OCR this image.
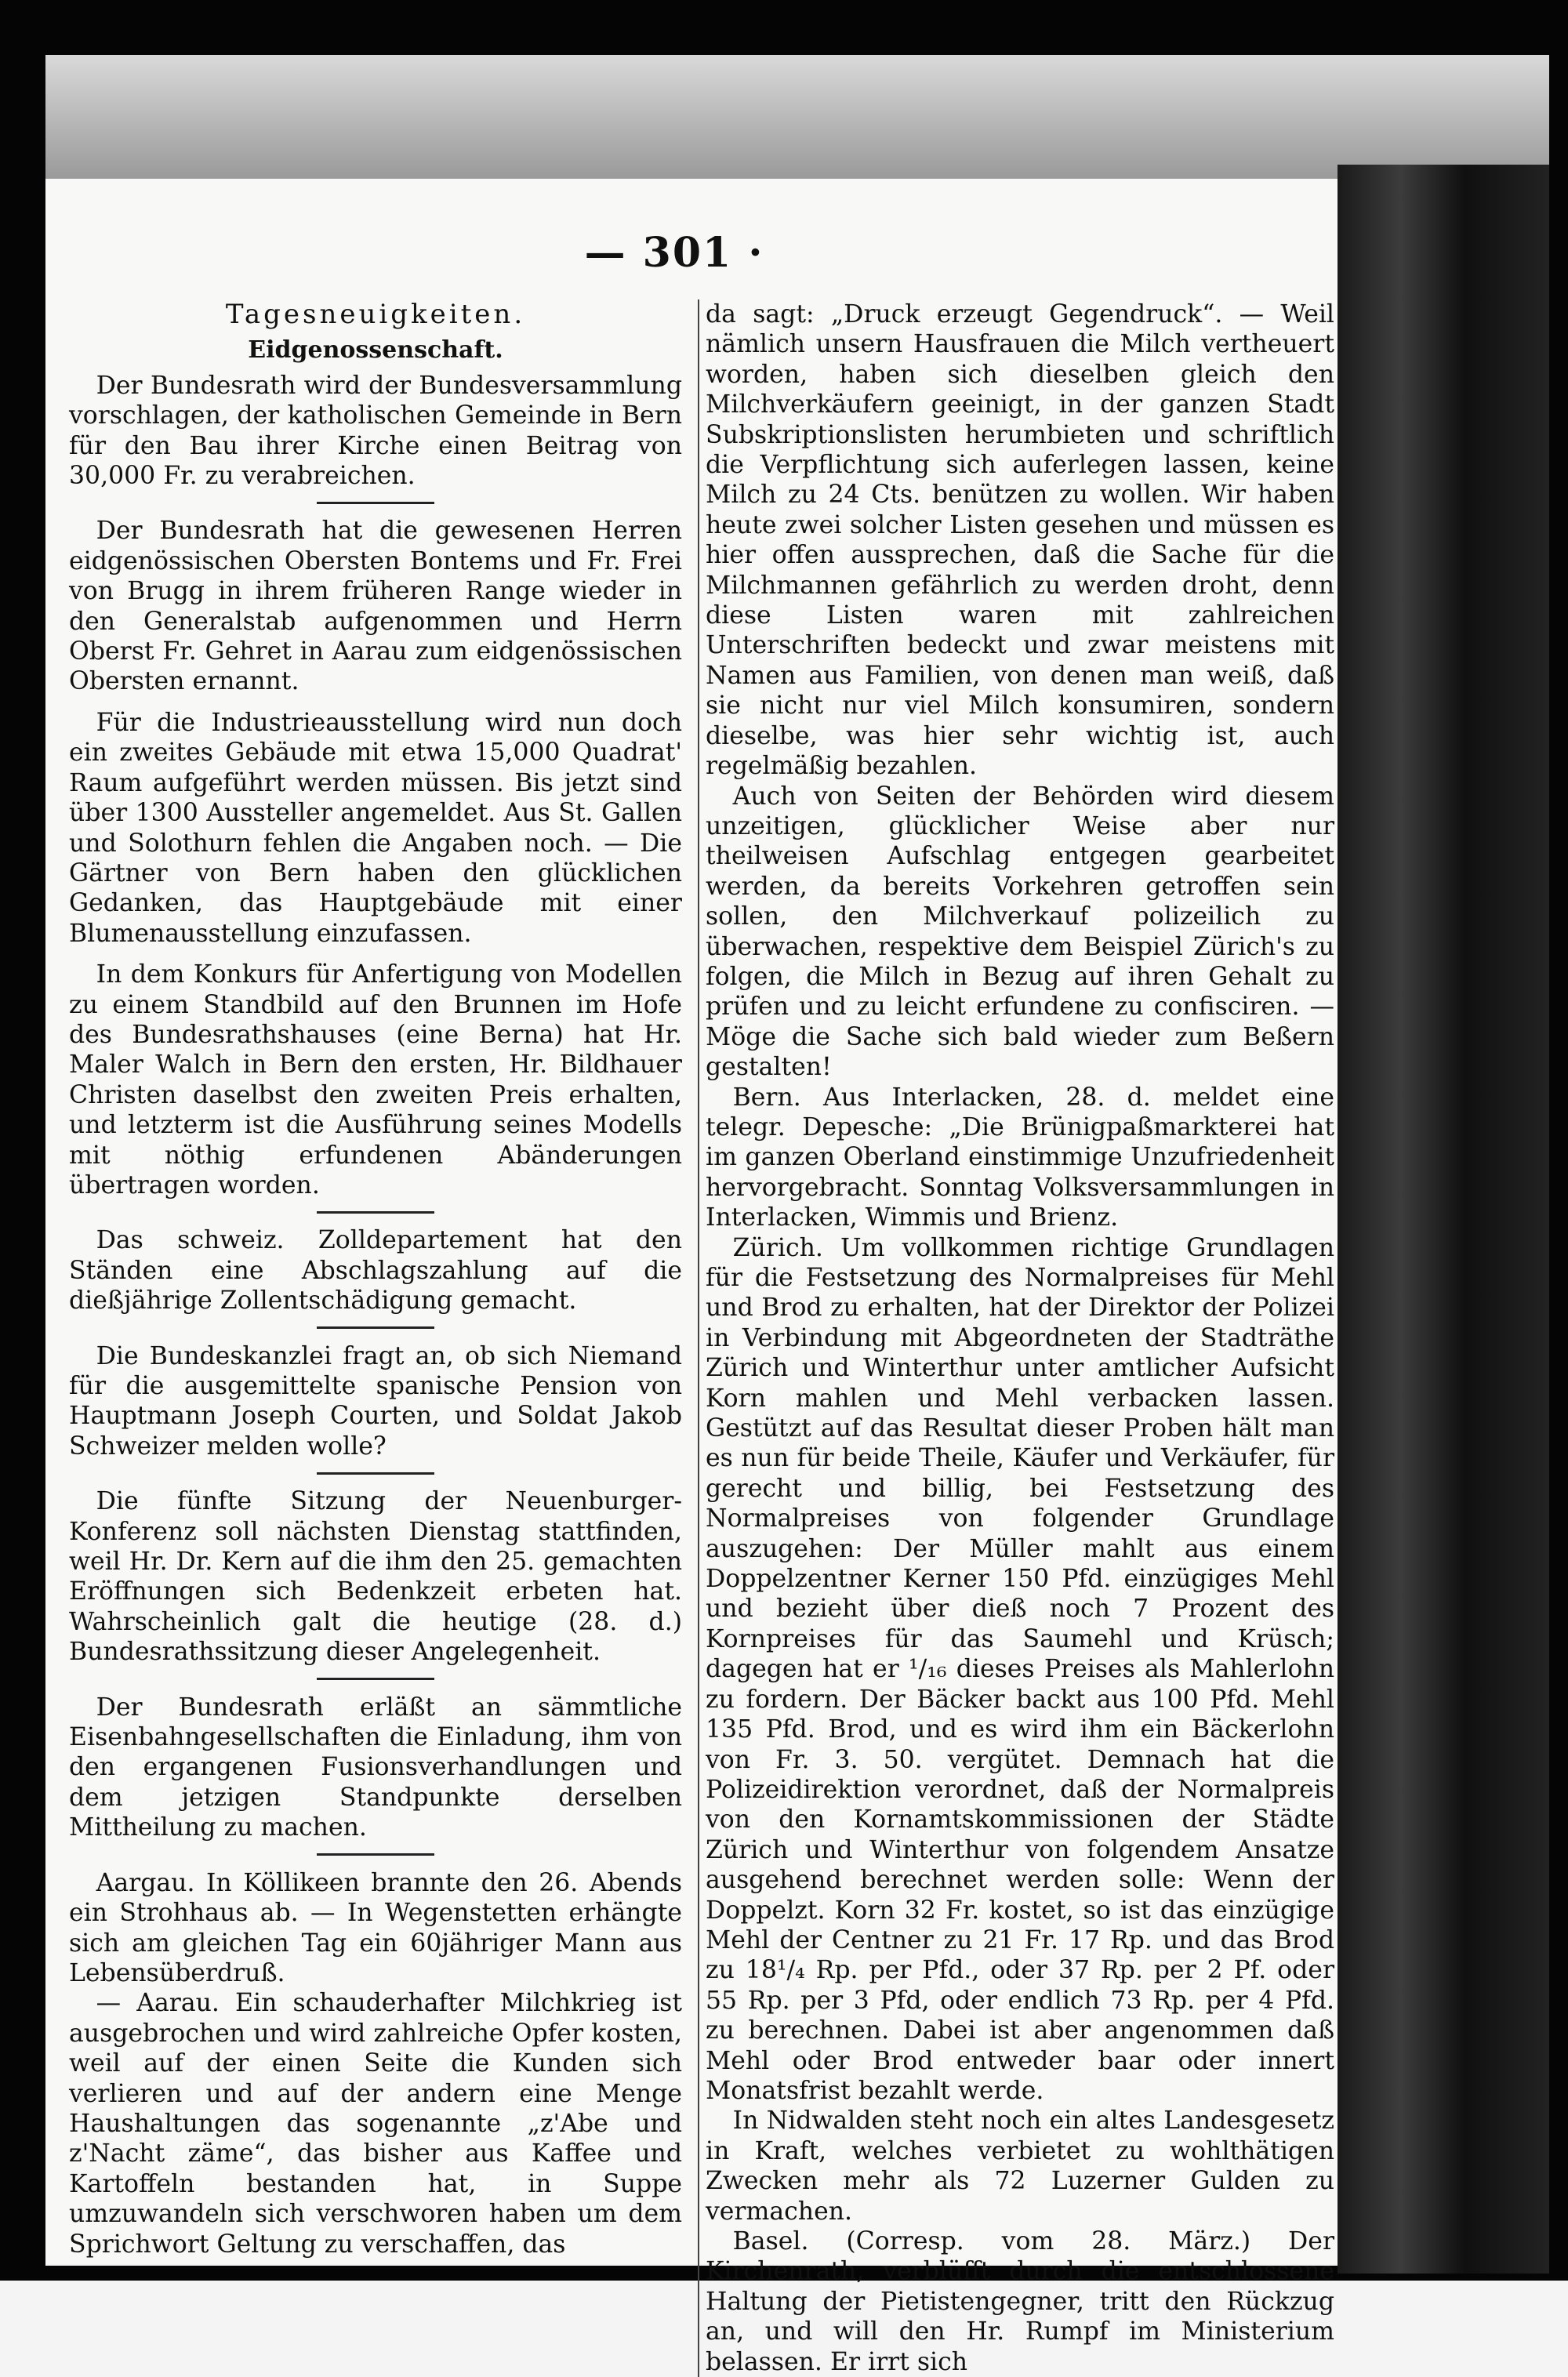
— 301 ·
Tagesneuigkeiten.
Eidgenossenschaft.

Der Bundesrath wird der Bundesversammlung vorschlagen, der katholischen Gemeinde in Bern für den Bau ihrer Kirche einen Beitrag von 30,000 Fr. zu verabreichen.

Der Bundesrath hat die gewesenen Herren eidgenössischen Obersten Bontems und Fr. Frei von Brugg in ihrem früheren Range wieder in den Generalstab aufgenommen und Herrn Oberst Fr. Gehret in Aarau zum eidgenössischen Obersten ernannt.

Für die Industrieausstellung wird nun doch ein zweites Gebäude mit etwa 15,000 Quadrat' Raum aufgeführt werden müssen. Bis jetzt sind über 1300 Aussteller angemeldet. Aus St. Gallen und Solothurn fehlen die Angaben noch. — Die Gärtner von Bern haben den glücklichen Gedanken, das Hauptgebäude mit einer Blumenausstellung einzufassen.

In dem Konkurs für Anfertigung von Modellen zu einem Standbild auf den Brunnen im Hofe des Bundesrathshauses (eine Berna) hat Hr. Maler Walch in Bern den ersten, Hr. Bildhauer Christen daselbst den zweiten Preis erhalten, und letzterm ist die Ausführung seines Modells mit nöthig erfundenen Abänderungen übertragen worden.

Das schweiz. Zolldepartement hat den Ständen eine Abschlagszahlung auf die dießjährige Zollentschädigung gemacht.

Die Bundeskanzlei fragt an, ob sich Niemand für die ausgemittelte spanische Pension von Hauptmann Joseph Courten, und Soldat Jakob Schweizer melden wolle?

Die fünfte Sitzung der Neuenburger-Konferenz soll nächsten Dienstag stattfinden, weil Hr. Dr. Kern auf die ihm den 25. gemachten Eröffnungen sich Bedenkzeit erbeten hat. Wahrscheinlich galt die heutige (28. d.) Bundesrathssitzung dieser Angelegenheit.

Der Bundesrath erläßt an sämmtliche Eisenbahngesellschaften die Einladung, ihm von den ergangenen Fusionsverhandlungen und dem jetzigen Standpunkte derselben Mittheilung zu machen.

Aargau. In Köllikeen brannte den 26. Abends ein Strohhaus ab. — In Wegenstetten erhängte sich am gleichen Tag ein 60jähriger Mann aus Lebensüberdruß.

— Aarau. Ein schauderhafter Milchkrieg ist ausgebrochen und wird zahlreiche Opfer kosten, weil auf der einen Seite die Kunden sich verlieren und auf der andern eine Menge Haushaltungen das sogenannte „z'Abe und z'Nacht zäme“, das bisher aus Kaffee und Kartoffeln bestanden hat, in Suppe umzuwandeln sich verschworen haben um dem Sprichwort Geltung zu verschaffen, das

da sagt: „Druck erzeugt Gegendruck“. — Weil nämlich unsern Hausfrauen die Milch vertheuert worden, haben sich dieselben gleich den Milchverkäufern geeinigt, in der ganzen Stadt Subskriptionslisten herumbieten und schriftlich die Verpflichtung sich auferlegen lassen, keine Milch zu 24 Cts. benützen zu wollen. Wir haben heute zwei solcher Listen gesehen und müssen es hier offen aussprechen, daß die Sache für die Milchmannen gefährlich zu werden droht, denn diese Listen waren mit zahlreichen Unterschriften bedeckt und zwar meistens mit Namen aus Familien, von denen man weiß, daß sie nicht nur viel Milch konsumiren, sondern dieselbe, was hier sehr wichtig ist, auch regelmäßig bezahlen.

Auch von Seiten der Behörden wird diesem unzeitigen, glücklicher Weise aber nur theilweisen Aufschlag entgegen gearbeitet werden, da bereits Vorkehren getroffen sein sollen, den Milchverkauf polizeilich zu überwachen, respektive dem Beispiel Zürich's zu folgen, die Milch in Bezug auf ihren Gehalt zu prüfen und zu leicht erfundene zu confisciren. — Möge die Sache sich bald wieder zum Beßern gestalten!

Bern. Aus Interlacken, 28. d. meldet eine telegr. Depesche: „Die Brünigpaßmarkterei hat im ganzen Oberland einstimmige Unzufriedenheit hervorgebracht. Sonntag Volksversammlungen in Interlacken, Wimmis und Brienz.

Zürich. Um vollkommen richtige Grundlagen für die Festsetzung des Normalpreises für Mehl und Brod zu erhalten, hat der Direktor der Polizei in Verbindung mit Abgeordneten der Stadträthe Zürich und Winterthur unter amtlicher Aufsicht Korn mahlen und Mehl verbacken lassen. Gestützt auf das Resultat dieser Proben hält man es nun für beide Theile, Käufer und Verkäufer, für gerecht und billig, bei Festsetzung des Normalpreises von folgender Grundlage auszugehen: Der Müller mahlt aus einem Doppelzentner Kerner 150 Pfd. einzügiges Mehl und bezieht über dieß noch 7 Prozent des Kornpreises für das Saumehl und Krüsch; dagegen hat er ¹/₁₆ dieses Preises als Mahlerlohn zu fordern. Der Bäcker backt aus 100 Pfd. Mehl 135 Pfd. Brod, und es wird ihm ein Bäckerlohn von Fr. 3. 50. vergütet. Demnach hat die Polizeidirektion verordnet, daß der Normalpreis von den Kornamtskommissionen der Städte Zürich und Winterthur von folgendem Ansatze ausgehend berechnet werden solle: Wenn der Doppelzt. Korn 32 Fr. kostet, so ist das einzügige Mehl der Centner zu 21 Fr. 17 Rp. und das Brod zu 18¹/₄ Rp. per Pfd., oder 37 Rp. per 2 Pf. oder 55 Rp. per 3 Pfd, oder endlich 73 Rp. per 4 Pfd. zu berechnen. Dabei ist aber angenommen daß Mehl oder Brod entweder baar oder innert Monatsfrist bezahlt werde.

In Nidwalden steht noch ein altes Landesgesetz in Kraft, welches verbietet zu wohlthätigen Zwecken mehr als 72 Luzerner Gulden zu vermachen.

Basel. (Corresp. vom 28. März.) Der Kirchenrath, verblüfft durch die entschlossene Haltung der Pietistengegner, tritt den Rückzug an, und will den Hr. Rumpf im Ministerium belassen. Er irrt sich
